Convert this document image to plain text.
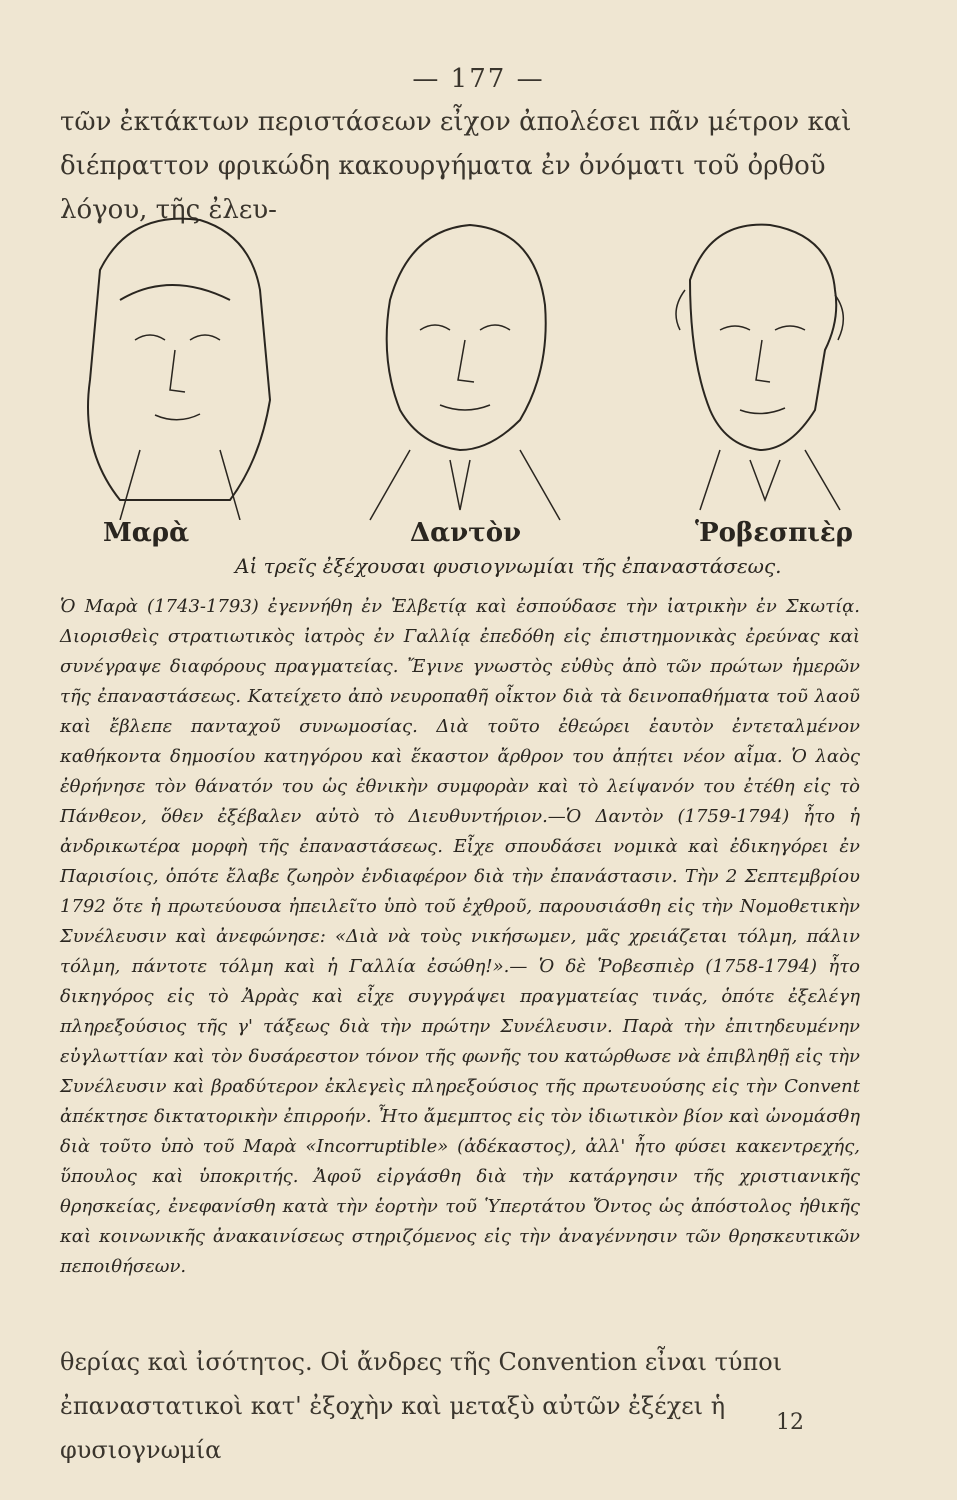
— 177 —
τῶν ἐκτάκτων περιστάσεων εἶχον ἀπολέσει πᾶν μέτρον καὶ διέπραττον φρικώδη κακουργήματα ἐν ὀνόματι τοῦ ὀρθοῦ λόγου, τῆς ἐλευ-
Μαρὰ	Δαντὸν	Ῥοβεσπιὲρ
Αἱ τρεῖς ἐξέχουσαι φυσιογνωμίαι τῆς ἐπαναστάσεως.

Ὁ Μαρὰ (1743-1793) ἐγεννήθη ἐν Ἑλβετίᾳ καὶ ἐσπούδασε τὴν ἰατρικὴν ἐν Σκωτίᾳ. Διορισθεὶς στρατιωτικὸς ἰατρὸς ἐν Γαλλίᾳ ἐπεδόθη εἰς ἐπιστημονικὰς ἐρεύνας καὶ συνέγραψε διαφόρους πραγματείας. Ἔγινε γνωστὸς εὐθὺς ἀπὸ τῶν πρώτων ἡμερῶν τῆς ἐπαναστάσεως. Κατείχετο ἀπὸ νευροπαθῆ οἶκτον διὰ τὰ δεινοπαθήματα τοῦ λαοῦ καὶ ἔβλεπε πανταχοῦ συνωμοσίας. Διὰ τοῦτο ἐθεώρει ἑαυτὸν ἐντεταλμένον καθήκοντα δημοσίου κατηγόρου καὶ ἕκαστον ἄρθρον του ἀπῄτει νέον αἷμα. Ὁ λαὸς ἐθρήνησε τὸν θάνατόν του ὡς ἐθνικὴν συμφορὰν καὶ τὸ λείψανόν του ἐτέθη εἰς τὸ Πάνθεον, ὅθεν ἐξέβαλεν αὐτὸ τὸ Διευθυντήριον.—Ὁ Δαντὸν (1759-1794) ἦτο ἡ ἀνδρικωτέρα μορφὴ τῆς ἐπαναστάσεως. Εἶχε σπουδάσει νομικὰ καὶ ἐδικηγόρει ἐν Παρισίοις, ὁπότε ἔλαβε ζωηρὸν ἐνδιαφέρον διὰ τὴν ἐπανάστασιν. Τὴν 2 Σεπτεμβρίου 1792 ὅτε ἡ πρωτεύουσα ἠπειλεῖτο ὑπὸ τοῦ ἐχθροῦ, παρουσιάσθη εἰς τὴν Νομοθετικὴν Συνέλευσιν καὶ ἀνεφώνησε: «Διὰ νὰ τοὺς νικήσωμεν, μᾶς χρειάζεται τόλμη, πάλιν τόλμη, πάντοτε τόλμη καὶ ἡ Γαλλία ἐσώθη!».— Ὁ δὲ Ῥοβεσπιὲρ (1758-1794) ἦτο δικηγόρος εἰς τὸ Ἀρρὰς καὶ εἶχε συγγράψει πραγματείας τινάς, ὁπότε ἐξελέγη πληρεξούσιος τῆς γ' τάξεως διὰ τὴν πρώτην Συνέλευσιν. Παρὰ τὴν ἐπιτηδευμένην εὐγλωττίαν καὶ τὸν δυσάρεστον τόνον τῆς φωνῆς του κατώρθωσε νὰ ἐπιβληθῇ εἰς τὴν Συνέλευσιν καὶ βραδύτερον ἐκλεγεὶς πληρεξούσιος τῆς πρωτευούσης εἰς τὴν Convent ἀπέκτησε δικτατορικὴν ἐπιρροήν. Ἦτο ἄμεμπτος εἰς τὸν ἰδιωτικὸν βίον καὶ ὠνομάσθη διὰ τοῦτο ὑπὸ τοῦ Μαρὰ «Incorruptible» (ἀδέκαστος), ἀλλ' ἦτο φύσει κακεντρεχής, ὕπουλος καὶ ὑποκριτής. Ἀφοῦ εἰργάσθη διὰ τὴν κατάργησιν τῆς χριστιανικῆς θρησκείας, ἐνεφανίσθη κατὰ τὴν ἑορτὴν τοῦ Ὑπερτάτου Ὄντος ὡς ἀπόστολος ἠθικῆς καὶ κοινωνικῆς ἀνακαινίσεως στηριζόμενος εἰς τὴν ἀναγέννησιν τῶν θρησκευτικῶν πεποιθήσεων.

θερίας καὶ ἰσότητος. Οἱ ἄνδρες τῆς Convention εἶναι τύποι ἐπαναστατικοὶ κατ' ἐξοχὴν καὶ μεταξὺ αὐτῶν ἐξέχει ἡ φυσιογνωμία
12
